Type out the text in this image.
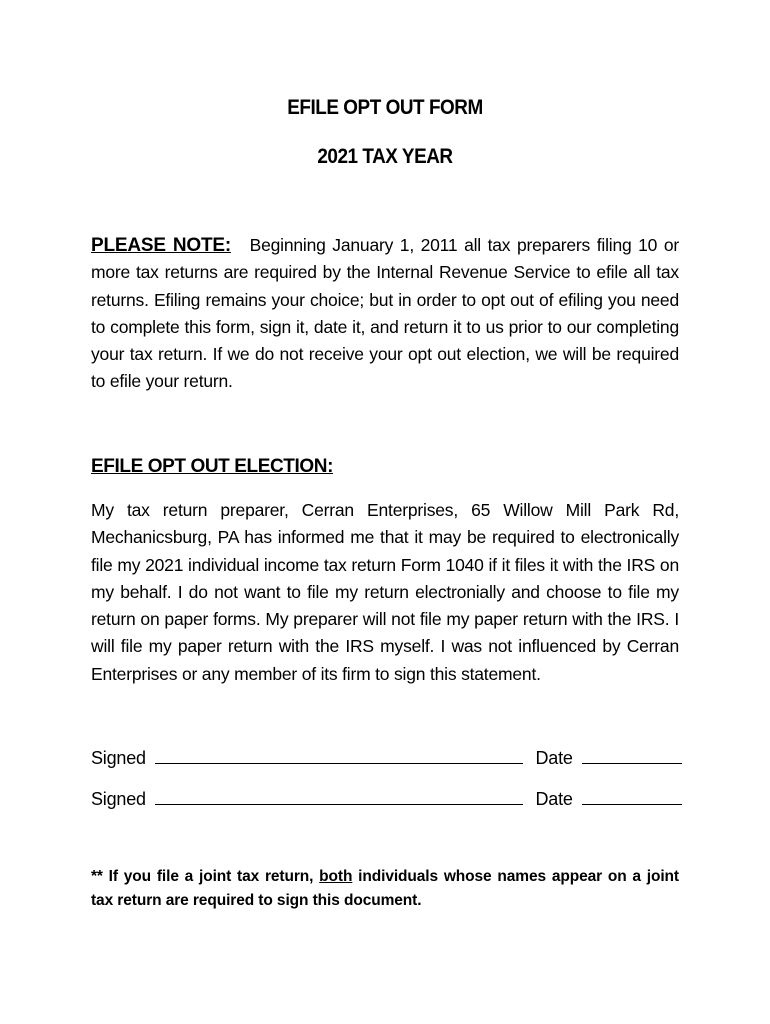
EFILE OPT OUT FORM
2021 TAX YEAR
PLEASE NOTE: Beginning January 1, 2011 all tax preparers filing 10 or more tax returns are required by the Internal Revenue Service to efile all tax returns. Efiling remains your choice; but in order to opt out of efiling you need to complete this form, sign it, date it, and return it to us prior to our completing your tax return. If we do not receive your opt out election, we will be required to efile your return.
EFILE OPT OUT ELECTION:
My tax return preparer, Cerran Enterprises, 65 Willow Mill Park Rd, Mechanicsburg, PA has informed me that it may be required to electronically file my 2021 individual income tax return Form 1040 if it files it with the IRS on my behalf. I do not want to file my return electronially and choose to file my return on paper forms. My preparer will not file my paper return with the IRS. I will file my paper return with the IRS myself. I was not influenced by Cerran Enterprises or any member of its firm to sign this statement.
Signed	Date
Signed	Date
** If you file a joint tax return, both individuals whose names appear on a joint tax return are required to sign this document.
